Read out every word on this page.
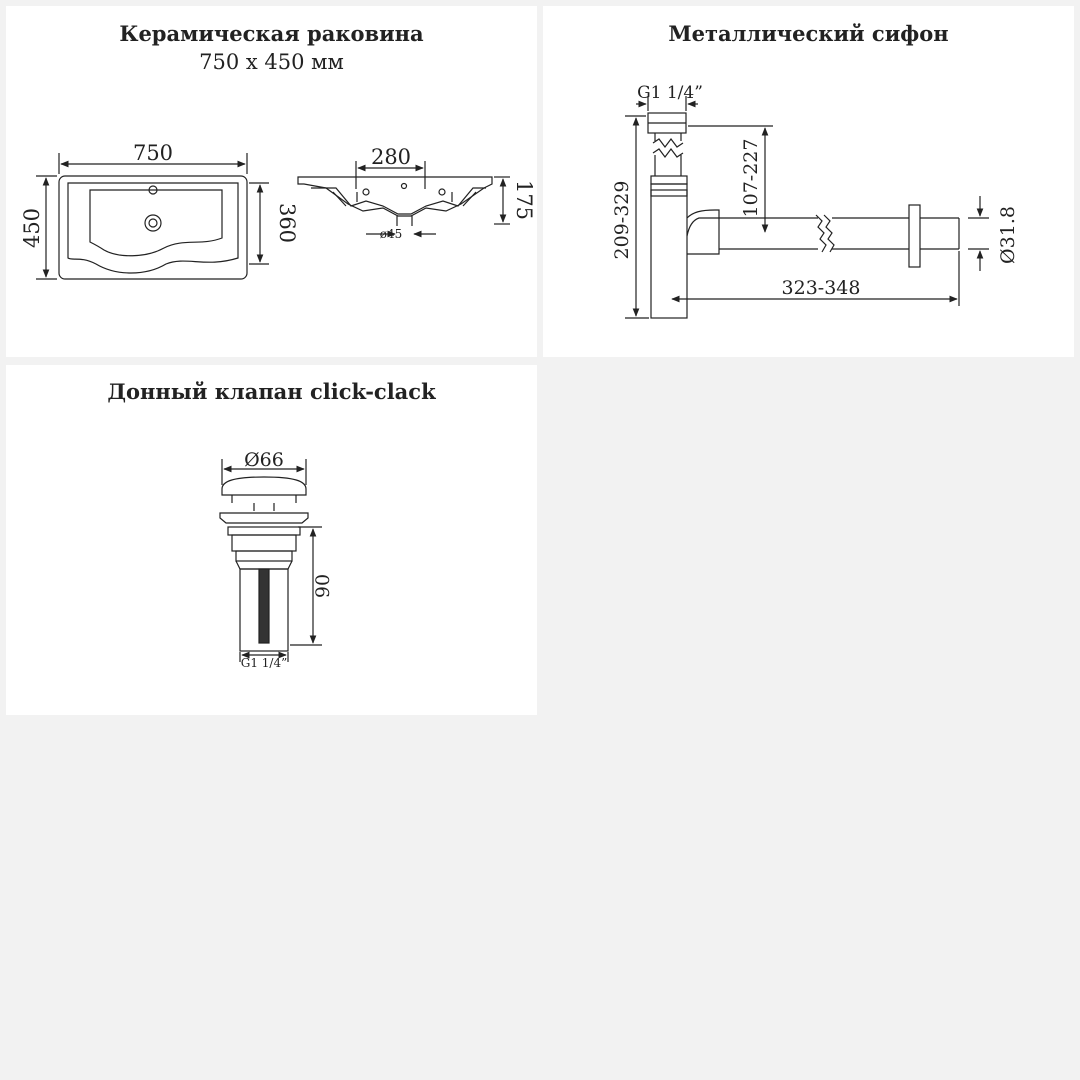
Керамическая раковина
750 x 450 мм
750
450	360
280
ø45
175
Металлический сифон
G1 1/4”
209-329
107-227
323-348
Ø31.8
Донный клапан click-clack
Ø66
90
G1 1/4”
